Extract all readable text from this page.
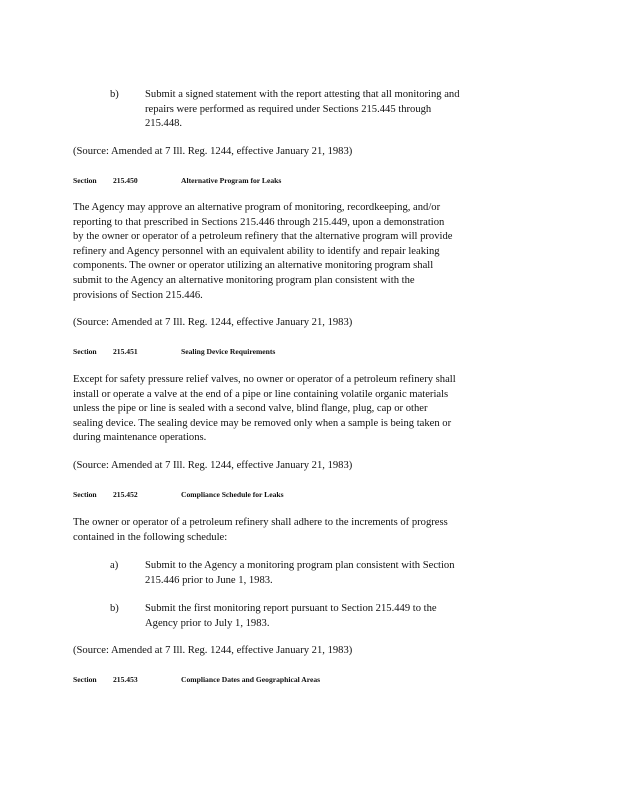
b) Submit a signed statement with the report attesting that all monitoring and
repairs were performed as required under Sections 215.445 through
215.448.
(Source: Amended at 7 Ill. Reg. 1244, effective January 21, 1983)
Section 215.450	Alternative Program for Leaks
The Agency may approve an alternative program of monitoring, recordkeeping, and/or
reporting to that prescribed in Sections 215.446 through 215.449, upon a demonstration
by the owner or operator of a petroleum refinery that the alternative program will provide
refinery and Agency personnel with an equivalent ability to identify and repair leaking
components. The owner or operator utilizing an alternative monitoring program shall
submit to the Agency an alternative monitoring program plan consistent with the
provisions of Section 215.446.
(Source: Amended at 7 Ill. Reg. 1244, effective January 21, 1983)
Section 215.451	Sealing Device Requirements
Except for safety pressure relief valves, no owner or operator of a petroleum refinery shall
install or operate a valve at the end of a pipe or line containing volatile organic materials
unless the pipe or line is sealed with a second valve, blind flange, plug, cap or other
sealing device. The sealing device may be removed only when a sample is being taken or
during maintenance operations.
(Source: Amended at 7 Ill. Reg. 1244, effective January 21, 1983)
Section 215.452	Compliance Schedule for Leaks
The owner or operator of a petroleum refinery shall adhere to the increments of progress
contained in the following schedule:
a)	Submit to the Agency a monitoring program plan consistent with Section
215.446 prior to June 1, 1983.
b) Submit the first monitoring report pursuant to Section 215.449 to the
Agency prior to July 1, 1983.
(Source: Amended at 7 Ill. Reg. 1244, effective January 21, 1983)
Section 215.453	Compliance Dates and Geographical Areas
